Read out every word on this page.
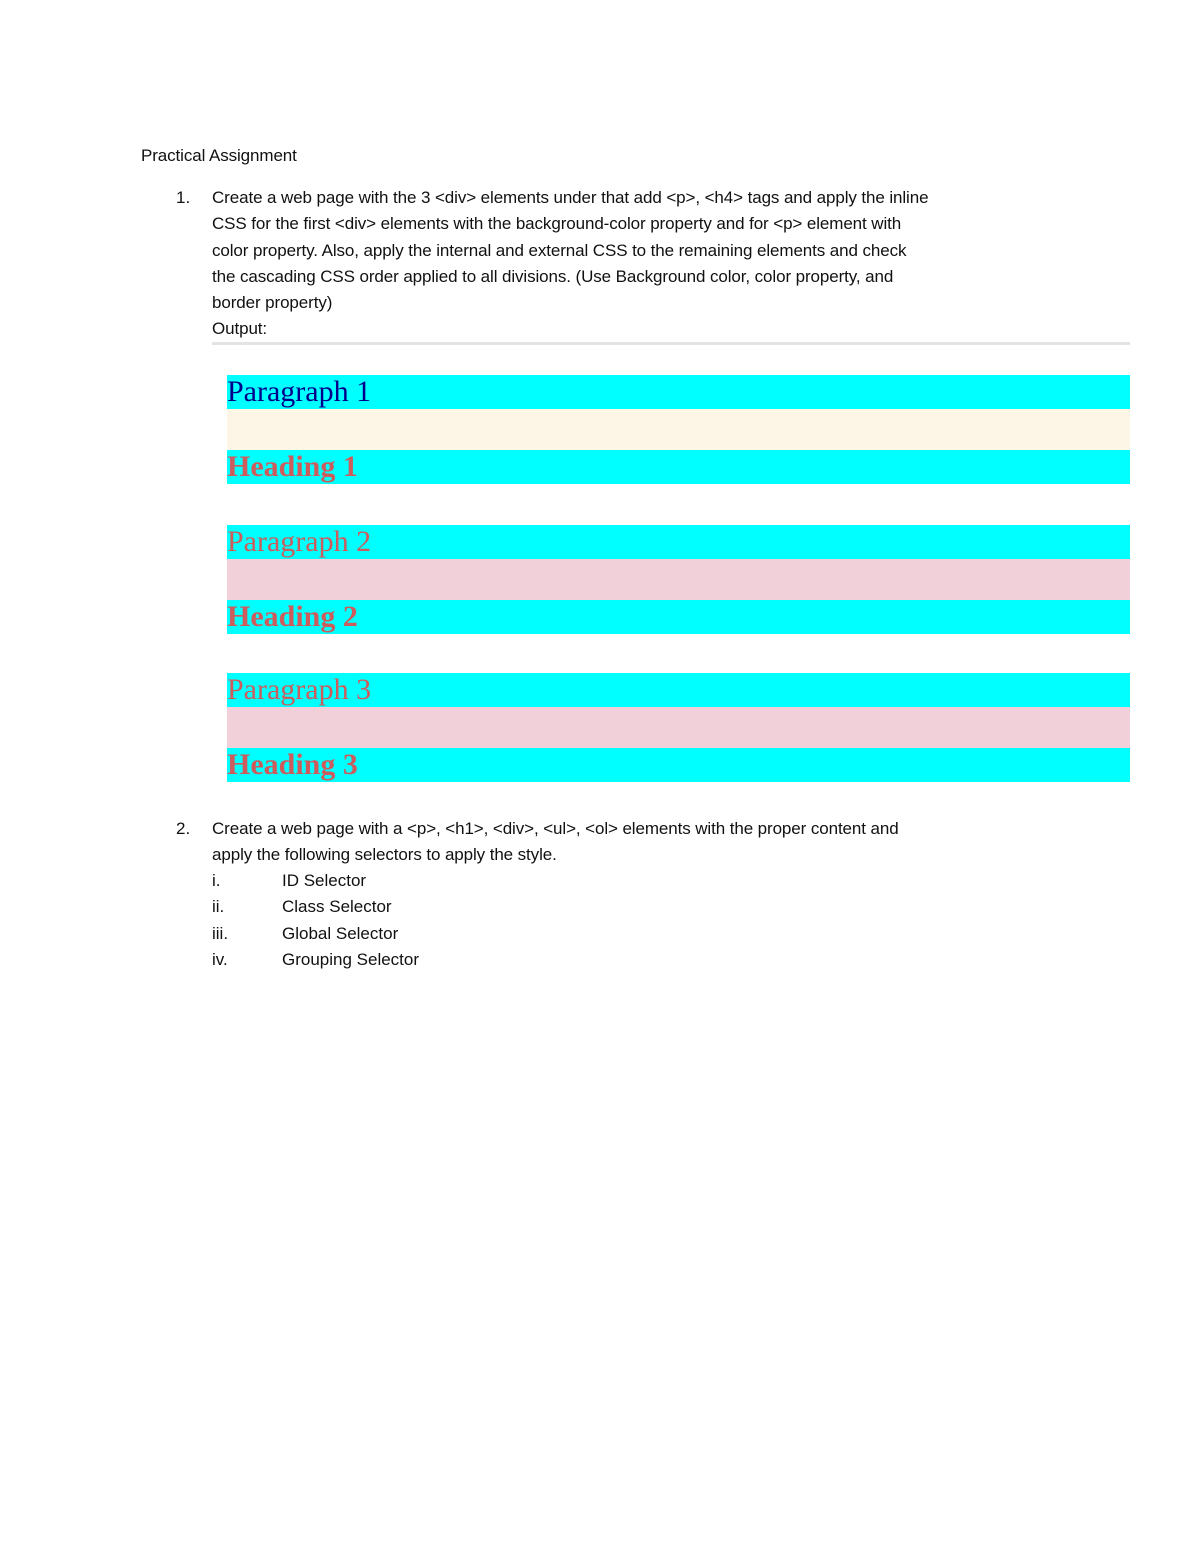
Practical Assignment
1. Create a web page with the 3 <div> elements under that add <p>, <h4> tags and apply the inline
CSS for the first <div> elements with the background-color property and for <p> element with
color property. Also, apply the internal and external CSS to the remaining elements and check
the cascading CSS order applied to all divisions. (Use Background color, color property, and
border property)
Output:
Paragraph 1
Heading 1
Paragraph 2
Heading 2
Paragraph 3
Heading 3
2. Create a web page with a <p>, <h1>, <div>, <ul>, <ol> elements with the proper content and
apply the following selectors to apply the style.
i.	ID Selector
ii.	Class Selector
iii.	Global Selector
iv.	Grouping Selector
